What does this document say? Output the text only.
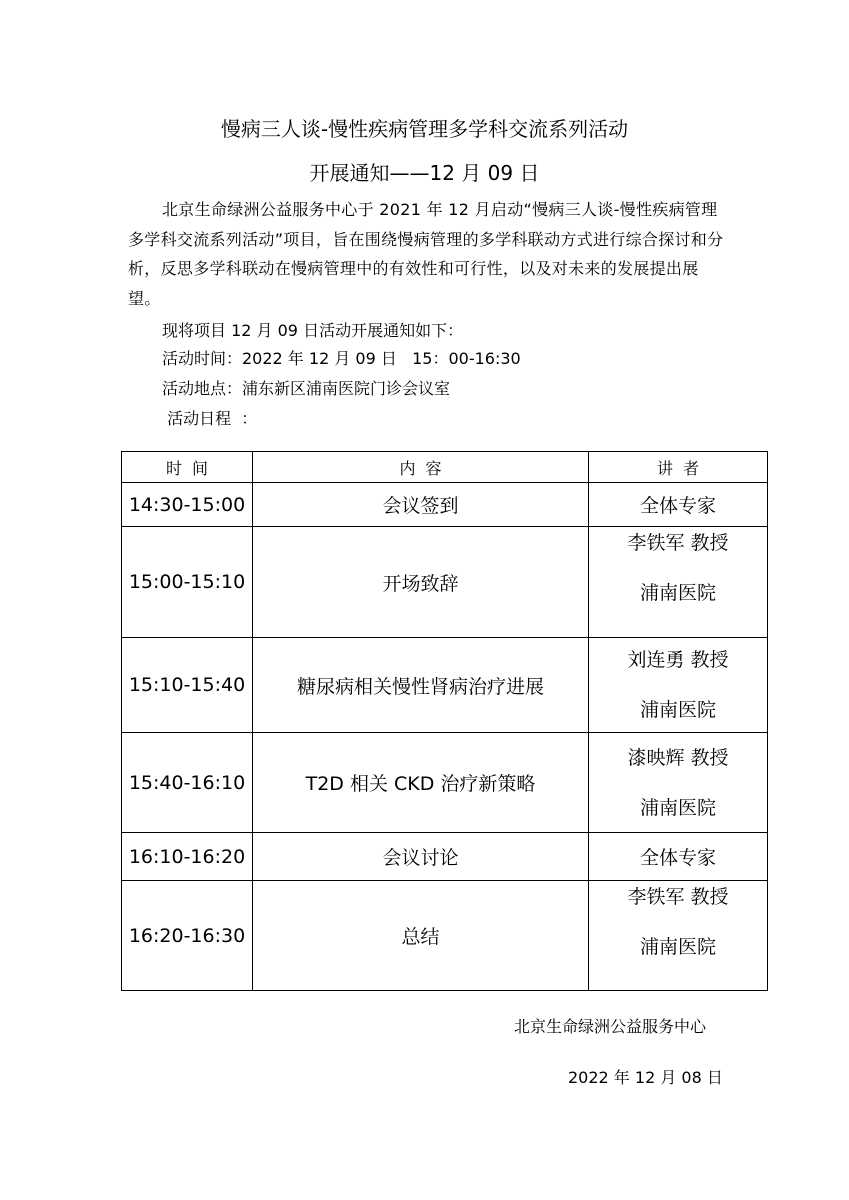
慢病三人谈-慢性疾病管理多学科交流系列活动
开展通知——12 月 09 日

北京生命绿洲公益服务中心于 2021 年 12 月启动“慢病三人谈-慢性疾病管理多学科交流系列活动”项目，旨在围绕慢病管理的多学科联动方式进行综合探讨和分析，反思多学科联动在慢病管理中的有效性和可行性，以及对未来的发展提出展望。

现将项目 12 月 09 日活动开展通知如下：
活动时间：2022 年 12 月 09 日   15：00-16:30
活动地点：浦东新区浦南医院门诊会议室
活动日程  ：
时间	内容	讲者
14:30-15:00	会议签到	全体专家
15:00-15:10	开场致辞	李铁军 教授
浦南医院

15:10-15:40	糖尿病相关慢性肾病治疗进展	刘连勇 教授
浦南医院

15:40-16:10	T2D 相关 CKD 治疗新策略	漆映辉 教授
浦南医院

16:10-16:20	会议讨论	全体专家
16:20-16:30	总结	李铁军 教授
浦南医院
北京生命绿洲公益服务中心
2022 年 12 月 08 日
